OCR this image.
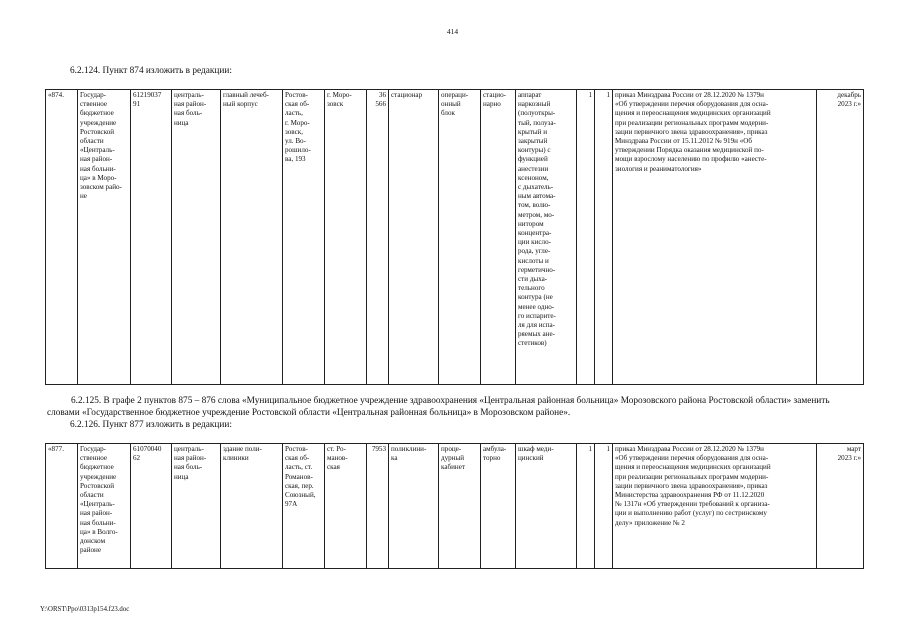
414
6.2.124. Пункт 874 изложить в редакции:
«874.	Государ-
ственное
бюджетное
учреждение
Ростовской
области
«Централь-
ная район-
ная больни-
ца» в Моро-
зовском райо-
не	61219037
91	централь-
ная район-
ная боль-
ница	главный лечеб-
ный корпус	Ростов-
ская об-
ласть,
г. Моро-
зовск,
ул. Во-
рошило-
ва, 193	г. Моро-
зовск	36
566	стационар	операци-
онный
блок	стацио-
нарно	аппарат
наркозный
(полуоткры-
тый, полуза-
крытый и
закрытый
контуры) с
функцией
анестезии
ксеноном,
с дыхатель-
ным автома-
том, волю-
метром, мо-
нитором
концентра-
ции кисло-
рода, угле-
кислоты и
герметично-
сти дыха-
тельного
контура (не
менее одно-
го испарите-
ля для испа-
ряемых ане-
стетиков)	1	1	приказ Минздрава России от 28.12.2020 № 1379н
«Об утверждении перечня оборудования для осна-
щения и переоснащения медицинских организаций
при реализации региональных программ модерни-
зации первичного звена здравоохранения», приказ
Минздрава России от 15.11.2012 № 919н «Об
утверждении Порядка оказания медицинской по-
мощи взрослому населению по профилю «анесте-
зиология и реаниматология»	декабрь
2023 г.»
6.2.125. В графе 2 пунктов 875 – 876 слова «Муниципальное бюджетное учреждение здравоохранения «Центральная районная больница» Морозовского района Ростовской области» заменить словами «Государственное бюджетное учреждение Ростовской области «Центральная районная больница» в Морозовском районе».
6.2.126. Пункт 877 изложить в редакции:
«877.	Государ-
ственное
бюджетное
учреждение
Ростовской
области
«Централь-
ная район-
ная больни-
ца» в Волго-
донском
районе	61070040
62	централь-
ная район-
ная боль-
ница	здание поли-
клиники	Ростов-
ская об-
ласть, ст.
Романов-
ская, пер.
Союзный,
97А	ст. Ро-
манов-
ская	7953	поликлини-
ка	проце-
дурный
кабинет	амбула-
торно	шкаф меди-
цинский	1	1	приказ Минздрава России от 28.12.2020 № 1379н
«Об утверждении перечня оборудования для осна-
щения и переоснащения медицинских организаций
при реализации региональных программ модерни-
зации первичного звена здравоохранения», приказ
Министерства здравоохранения РФ от 11.12.2020
№ 1317н «Об утверждении требований к организа-
ции и выполнению работ (услуг) по сестринскому
делу» приложение № 2	март
2023 г.»
Y:\ORST\Ppo\0313p154.f23.doc
